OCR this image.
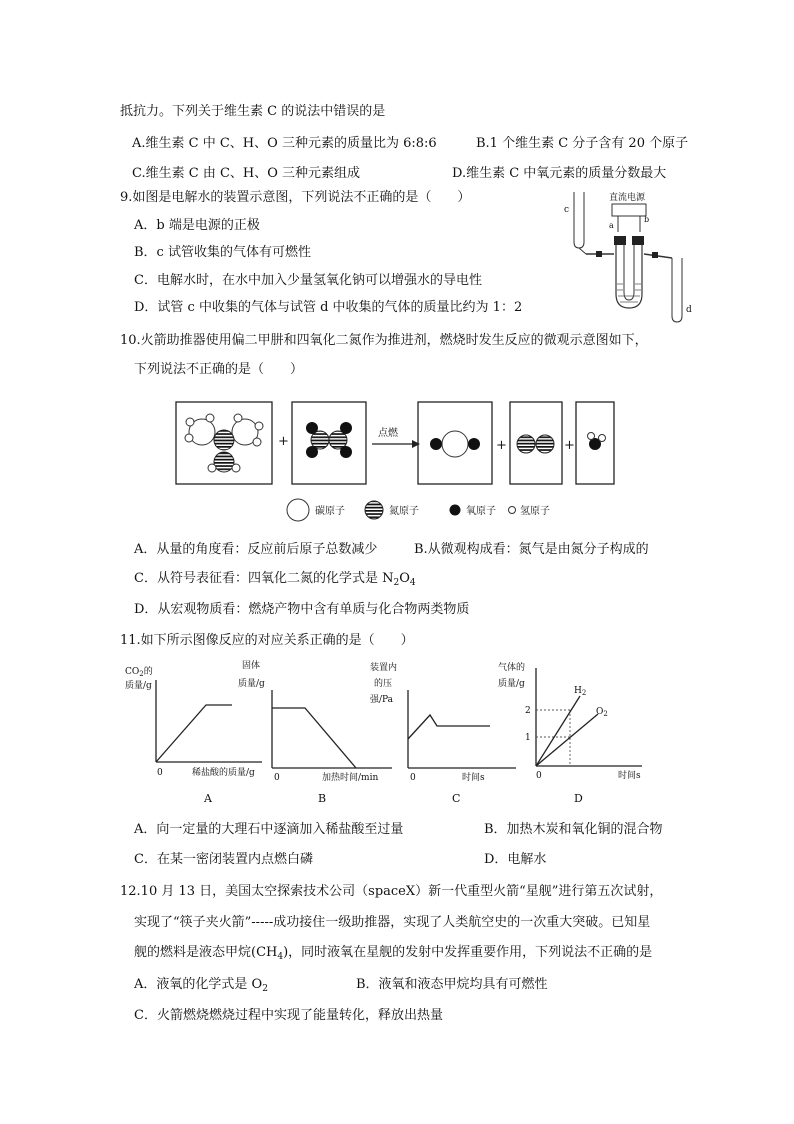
抵抗力。下列关于维生素 C 的说法中错误的是
A.维生素 C 中 C、H、O 三种元素的质量比为 6:8:6	B.1 个维生素 C 分子含有 20 个原子
C.维生素 C 由 C、H、O 三种元素组成	D.维生素 C 中氧元素的质量分数最大
9.如图是电解水的装置示意图，下列说法不正确的是（　　）
A．b 端是电源的正极
B．c 试管收集的气体有可燃性
C．电解水时，在水中加入少量氢氧化钠可以增强水的导电性
D．试管 c 中收集的气体与试管 d 中收集的气体的质量比约为 1：2
直流电源
a
b
c
d
10.火箭助推器使用偏二甲肼和四氧化二氮作为推进剂，燃烧时发生反应的微观示意图如下，
下列说法不正确的是（　　）
+
点燃
+	+
碳原子	氮原子	氧原子 氢原子
A．从量的角度看：反应前后原子总数减少	B.从微观构成看：氮气是由氮分子构成的
C．从符号表征看：四氧化二氮的化学式是 $N_2O_4$
D．从宏观物质看：燃烧产物中含有单质与化合物两类物质
11.如下所示图像反应的对应关系正确的是（　　）
$CO_2$的
质量/g
0	稀盐酸的质量/g
A
固体
质量/g
0	加热时间/min
B
装置内
的压
强/Pa
0	时间s
C
气体的
质量/g
2
1
$H_2$
$O_2$
0	时间s
D
A．向一定量的大理石中逐滴加入稀盐酸至过量	B．加热木炭和氧化铜的混合物
C．在某一密闭装置内点燃白磷	D．电解水
12.10 月 13 日，美国太空探索技术公司（spaceX）新一代重型火箭“星舰”进行第五次试射，
实现了“筷子夹火箭”-----成功接住一级助推器，实现了人类航空史的一次重大突破。已知星
舰的燃料是液态甲烷$(CH_4)$，同时液氧在星舰的发射中发挥重要作用，下列说法不正确的是
A．液氧的化学式是 $O_2$	B．液氧和液态甲烷均具有可燃性
C．火箭燃烧燃烧过程中实现了能量转化，释放出热量
